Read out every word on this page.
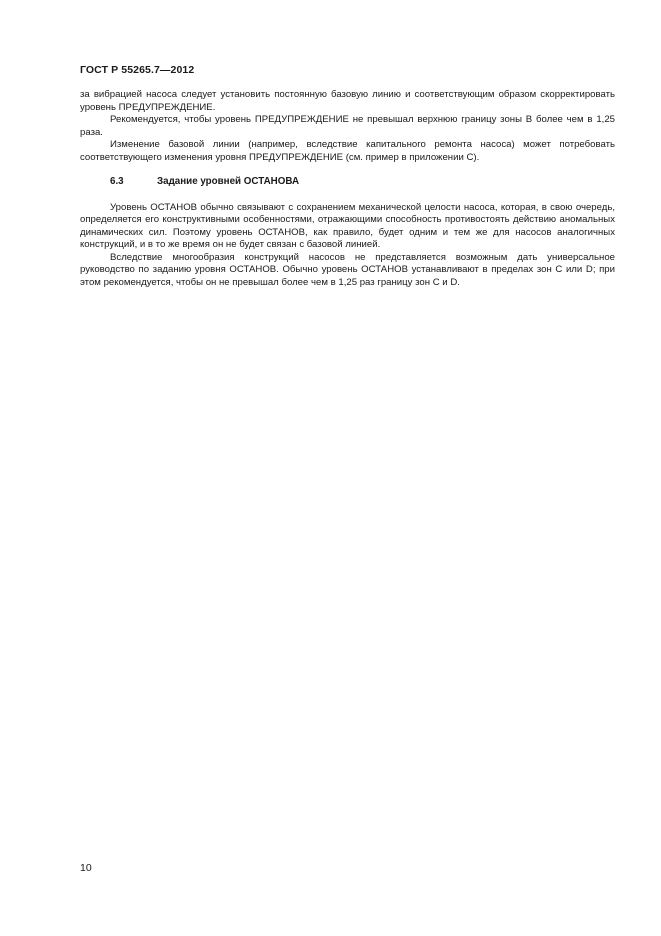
ГОСТ Р 55265.7—2012

за вибрацией насоса следует установить постоянную базовую линию и соответствующим образом скорректировать уровень ПРЕДУПРЕЖДЕНИЕ.

Рекомендуется, чтобы уровень ПРЕДУПРЕЖДЕНИЕ не превышал верхнюю границу зоны В более чем в 1,25 раза.

Изменение базовой линии (например, вследствие капитального ремонта насоса) может потребовать соответствующего изменения уровня ПРЕДУПРЕЖДЕНИЕ (см. пример в приложении С).

6.3	Задание уровней ОСТАНОВА

Уровень ОСТАНОВ обычно связывают с сохранением механической целости насоса, которая, в свою очередь, определяется его конструктивными особенностями, отражающими способность противостоять действию аномальных динамических сил. Поэтому уровень ОСТАНОВ, как правило, будет одним и тем же для насосов аналогичных конструкций, и в то же время он не будет связан с базовой линией.

Вследствие многообразия конструкций насосов не представляется возможным дать универсальное руководство по заданию уровня ОСТАНОВ. Обычно уровень ОСТАНОВ устанавливают в пределах зон С или D; при этом рекомендуется, чтобы он не превышал более чем в 1,25 раз границу зон С и D.

10
